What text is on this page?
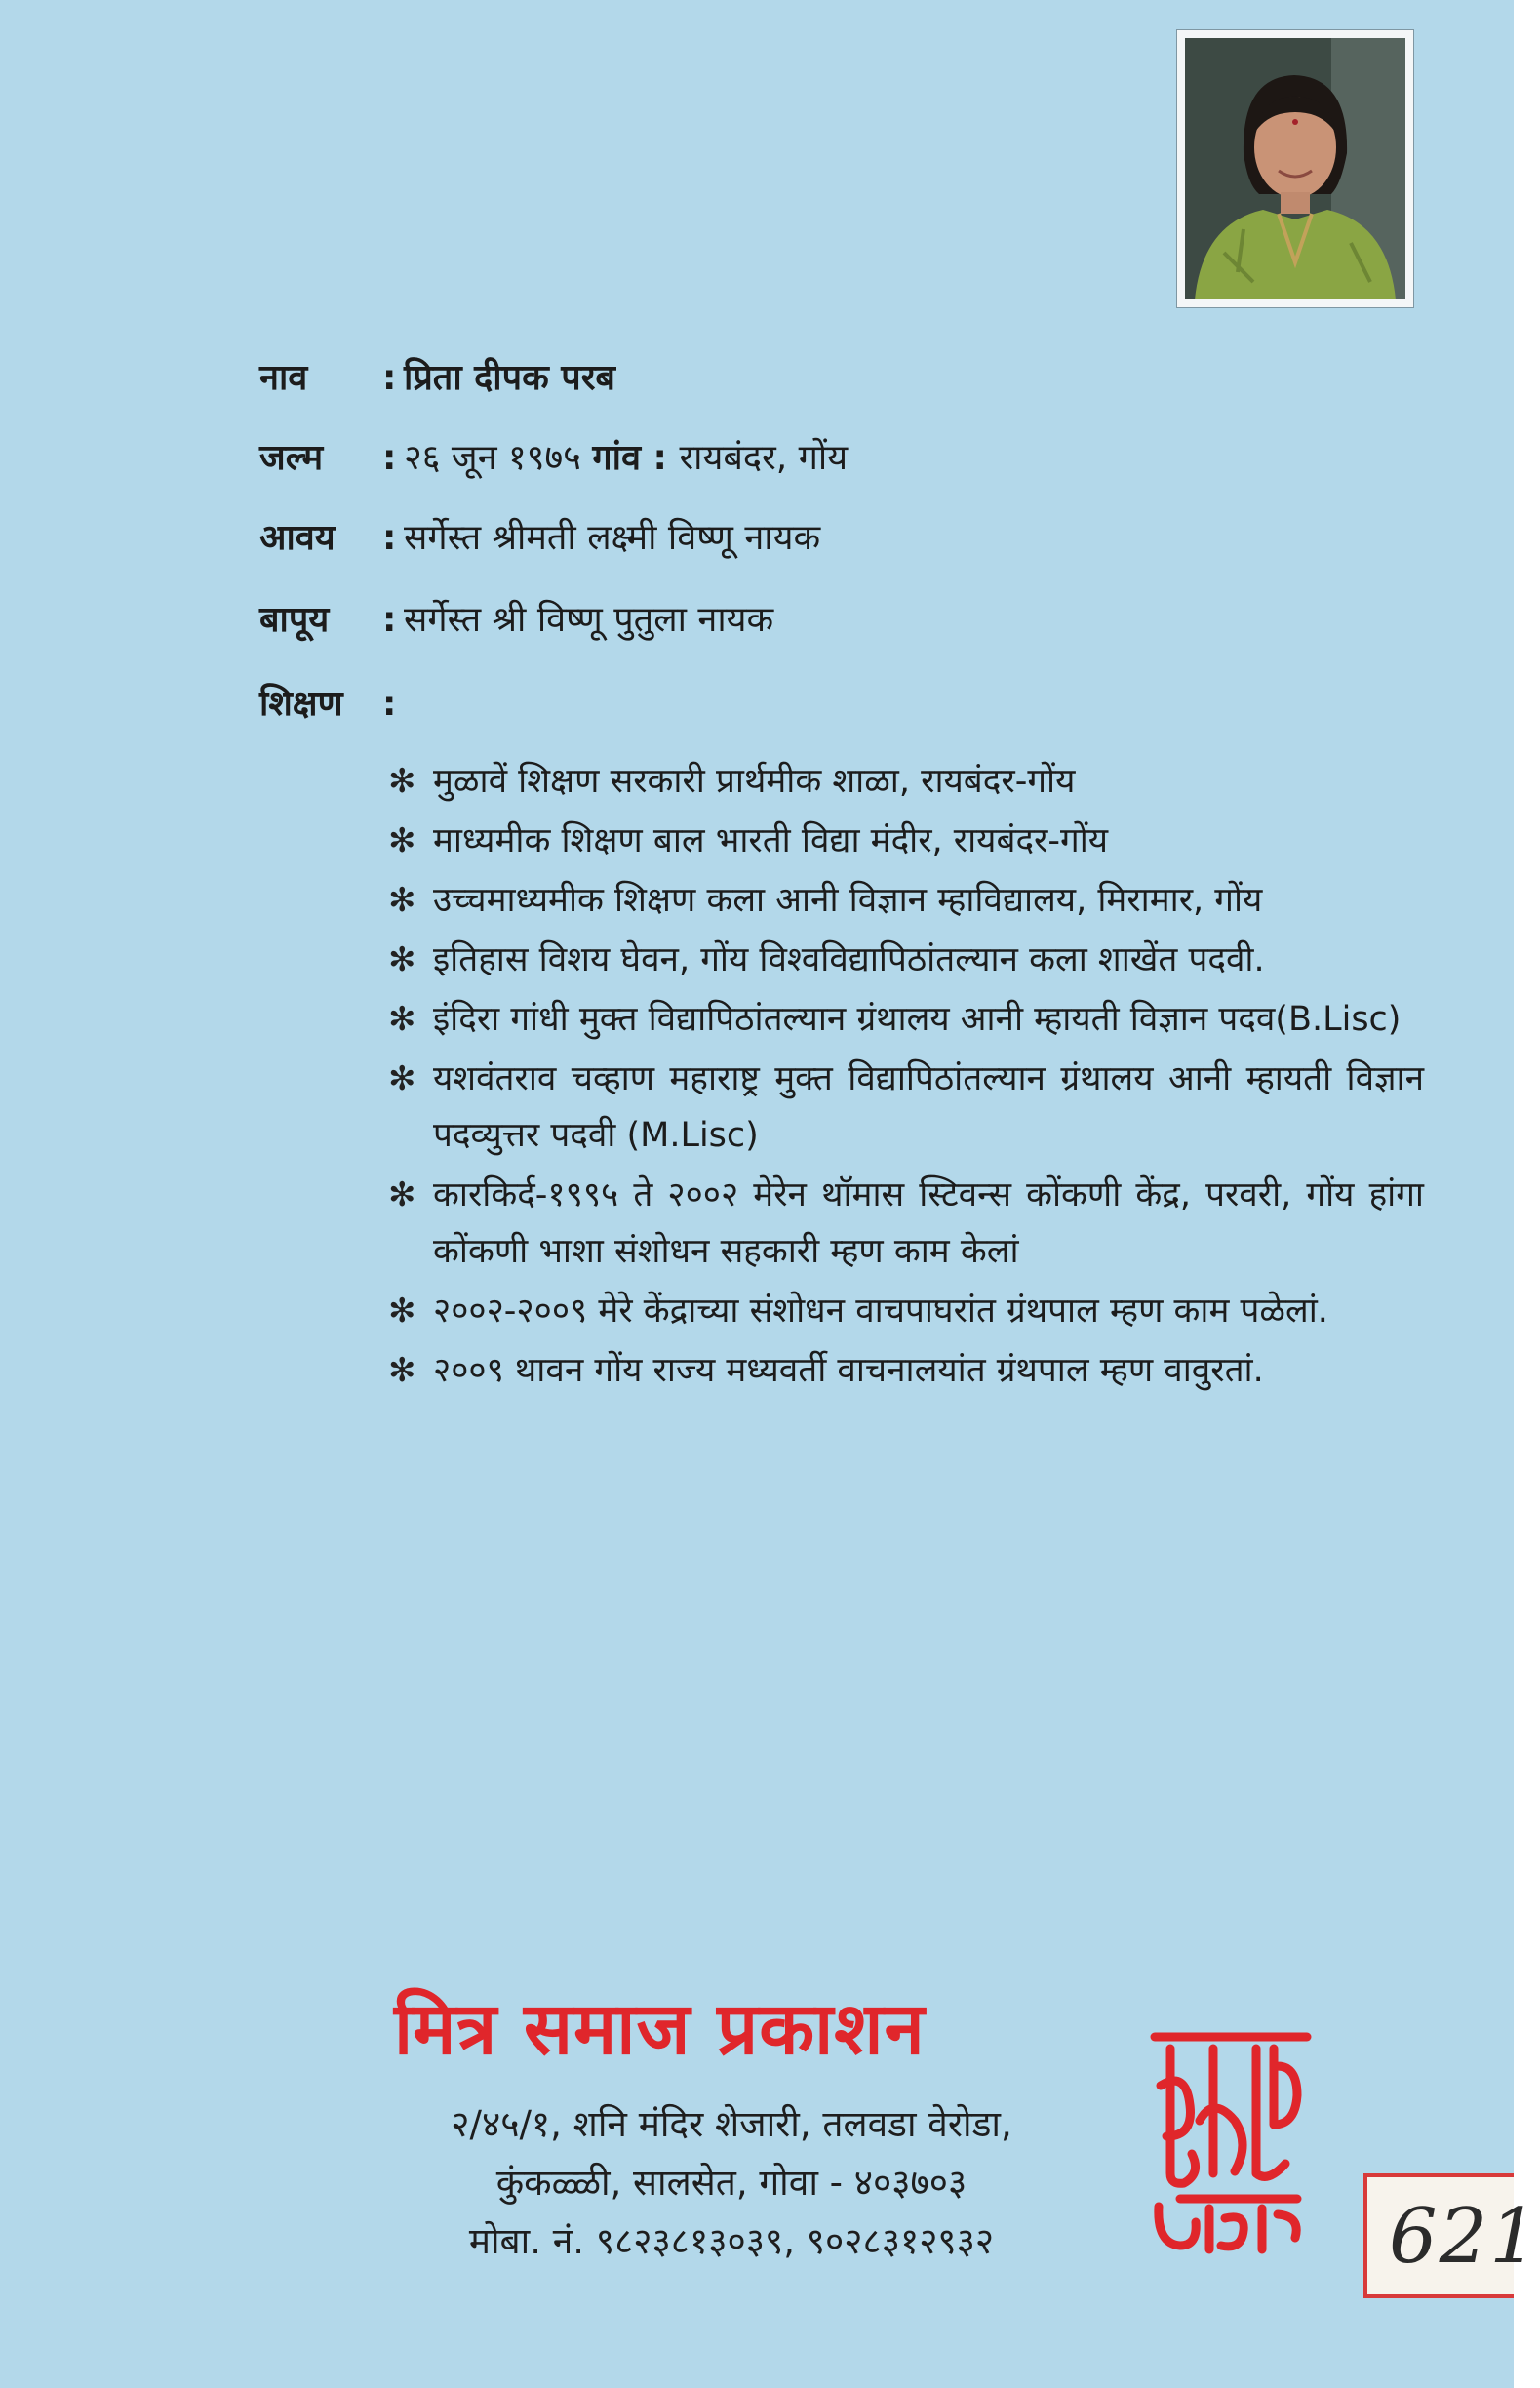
नाव : प्रिता दीपक परब
जल्म : २६ जून १९७५ गांव : रायबंदर, गोंय
आवय : सर्गेस्त श्रीमती लक्ष्मी विष्णू नायक
बापूय : सर्गेस्त श्री विष्णू पुतुला नायक
शिक्षण :
✻ मुळावें शिक्षण सरकारी प्रार्थमीक शाळा, रायबंदर-गोंय
✻ माध्यमीक शिक्षण बाल भारती विद्या मंदीर, रायबंदर-गोंय
✻ उच्चमाध्यमीक शिक्षण कला आनी विज्ञान म्हाविद्यालय, मिरामार, गोंय
✻ इतिहास विशय घेवन, गोंय विश्वविद्यापिठांतल्यान कला शाखेंत पदवी.
✻ इंदिरा गांधी मुक्त विद्यापिठांतल्यान ग्रंथालय आनी म्हायती विज्ञान पदव(B.Lisc)
✻ यशवंतराव चव्हाण महाराष्ट्र मुक्त विद्यापिठांतल्यान ग्रंथालय आनी म्हायती विज्ञान पदव्युत्तर पदवी (M.Lisc)
✻ कारकिर्द-१९९५ ते २००२ मेरेन थॉमास स्टिवन्स कोंकणी केंद्र, परवरी, गोंय हांगा कोंकणी भाशा संशोधन सहकारी म्हण काम केलां
✻ २००२-२००९ मेरे केंद्राच्या संशोधन वाचपाघरांत ग्रंथपाल म्हण काम पळेलां.
✻ २००९ थावन गोंय राज्य मध्यवर्ती वाचनालयांत ग्रंथपाल म्हण वावुरतां.
मित्र समाज प्रकाशन
२/४५/१, शनि मंदिर शेजारी, तलवडा वेरोडा,
कुंकळ्ळी, सालसेत, गोवा - ४०३७०३
मोबा. नं. ९८२३८१३०३९, ९०२८३१२९३२	621
